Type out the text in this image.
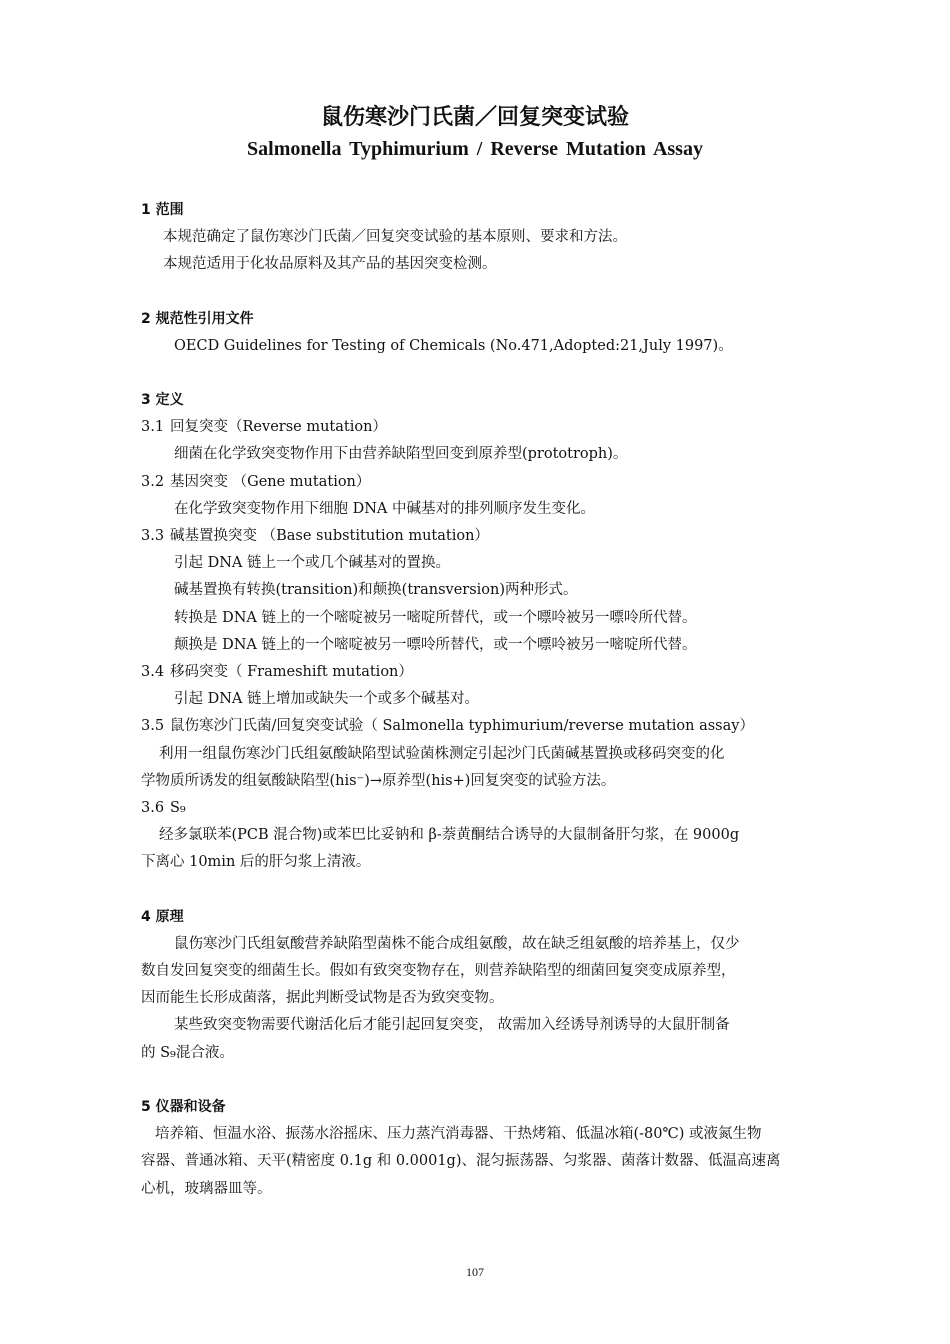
鼠伤寒沙门氏菌／回复突变试验
Salmonella Typhimurium / Reverse Mutation Assay
1 范围
本规范确定了鼠伤寒沙门氏菌／回复突变试验的基本原则、要求和方法。
本规范适用于化妆品原料及其产品的基因突变检测。
2 规范性引用文件
OECD Guidelines for Testing of Chemicals (No.471,Adopted:21,July 1997)。
3 定义
3.1 回复突变（Reverse mutation）
细菌在化学致突变物作用下由营养缺陷型回变到原养型(prototroph)。
3.2 基因突变 （Gene mutation）
在化学致突变物作用下细胞 DNA 中碱基对的排列顺序发生变化。
3.3 碱基置换突变 （Base substitution mutation）
引起 DNA 链上一个或几个碱基对的置换。
碱基置换有转换(transition)和颠换(transversion)两种形式。
转换是 DNA 链上的一个嘧啶被另一嘧啶所替代，或一个嘌呤被另一嘌呤所代替。
颠换是 DNA 链上的一个嘧啶被另一嘌呤所替代，或一个嘌呤被另一嘧啶所代替。
3.4 移码突变（ Frameshift mutation）
引起 DNA 链上增加或缺失一个或多个碱基对。
3.5 鼠伤寒沙门氏菌/回复突变试验（ Salmonella typhimurium/reverse mutation assay）
利用一组鼠伤寒沙门氏组氨酸缺陷型试验菌株测定引起沙门氏菌碱基置换或移码突变的化
学物质所诱发的组氨酸缺陷型(his⁻)→原养型(his+)回复突变的试验方法。
3.6 S₉
经多氯联苯(PCB 混合物)或苯巴比妥钠和 β-萘黄酮结合诱导的大鼠制备肝匀浆，在 9000g
下离心 10min 后的肝匀浆上清液。
4 原理
鼠伤寒沙门氏组氨酸营养缺陷型菌株不能合成组氨酸，故在缺乏组氨酸的培养基上，仅少
数自发回复突变的细菌生长。假如有致突变物存在，则营养缺陷型的细菌回复突变成原养型，
因而能生长形成菌落，据此判断受试物是否为致突变物。
某些致突变物需要代谢活化后才能引起回复突变， 故需加入经诱导剂诱导的大鼠肝制备
的 S₉混合液。
5 仪器和设备
培养箱、恒温水浴、振荡水浴摇床、压力蒸汽消毒器、干热烤箱、低温冰箱(-80℃) 或液氮生物
容器、普通冰箱、天平(精密度 0.1g 和 0.0001g)、混匀振荡器、匀浆器、菌落计数器、低温高速离
心机，玻璃器皿等。
107
